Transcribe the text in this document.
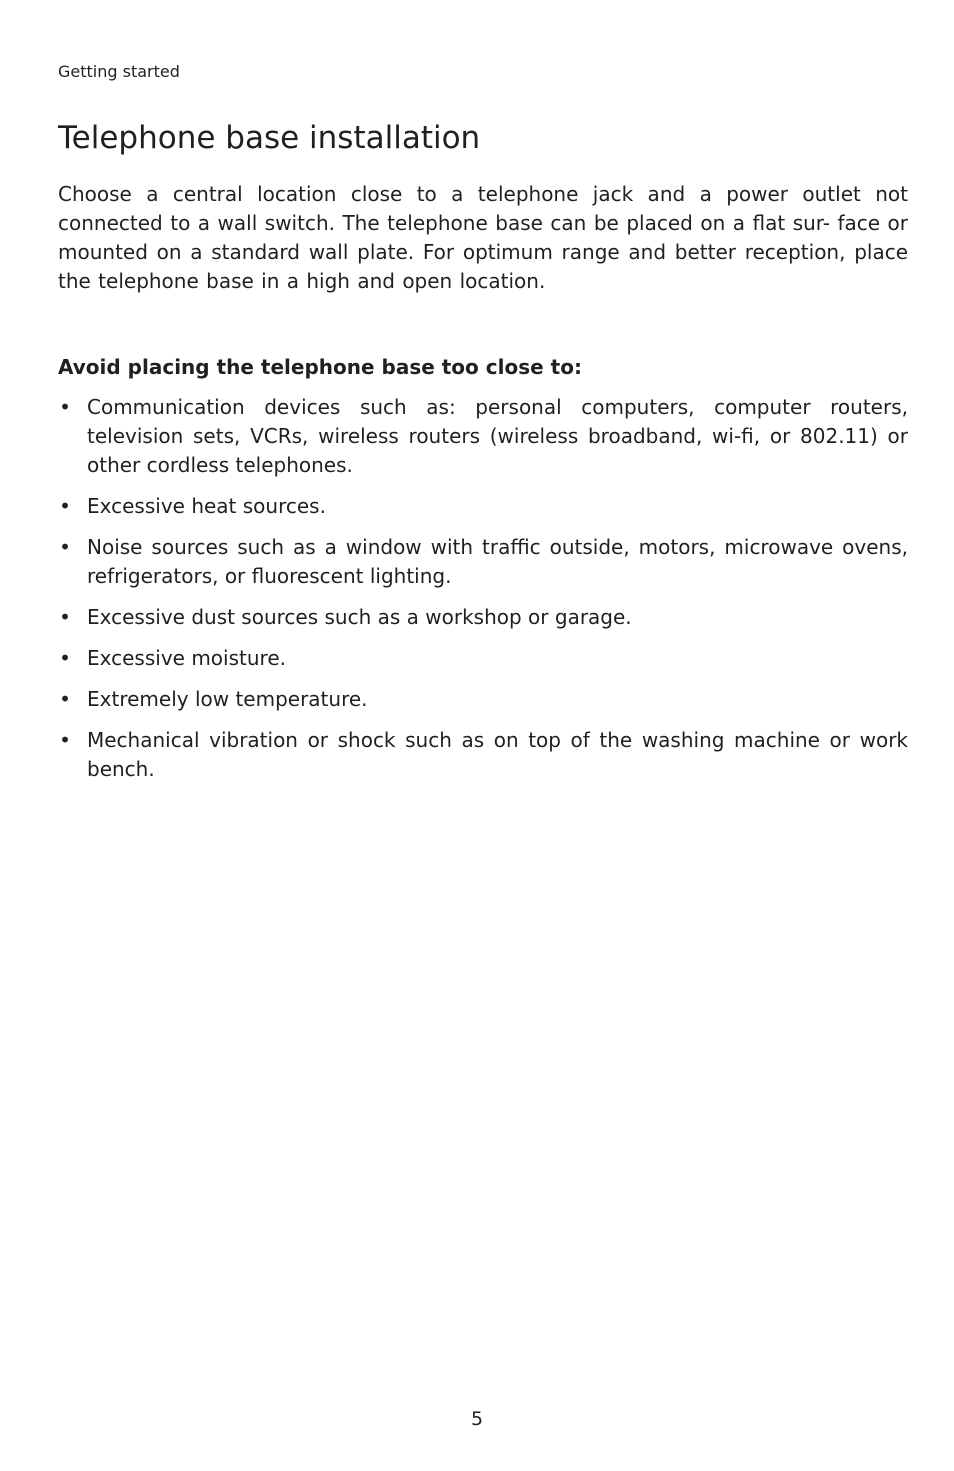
Getting started
Telephone base installation

Choose a central location close to a telephone jack and a power outlet not connected to a wall switch. The telephone base can be placed on a flat sur- face or mounted on a standard wall plate. For optimum range and better reception, place the telephone base in a high and open location.

Avoid placing the telephone base too close to:

• Communication devices such as: personal computers, computer routers, television sets, VCRs, wireless routers (wireless broadband, wi-fi, or 802.11) or other cordless telephones.
• Excessive heat sources.
• Noise sources such as a window with traffic outside, motors, microwave ovens, refrigerators, or fluorescent lighting.
• Excessive dust sources such as a workshop or garage.
• Excessive moisture.
• Extremely low temperature.
• Mechanical vibration or shock such as on top of the washing machine or work bench.
5
